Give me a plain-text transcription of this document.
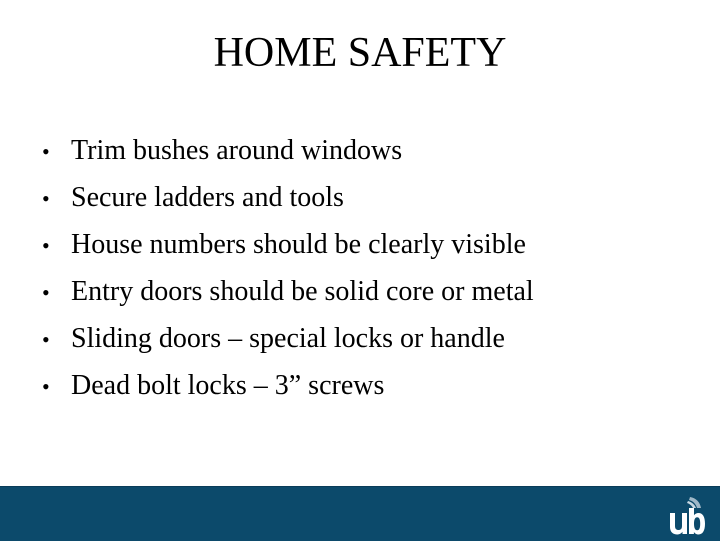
HOME SAFETY
• Trim bushes around windows
• Secure ladders and tools
• House numbers should be clearly visible
• Entry doors should be solid core or metal
• Sliding doors – special locks or handle
• Dead bolt locks – 3” screws
